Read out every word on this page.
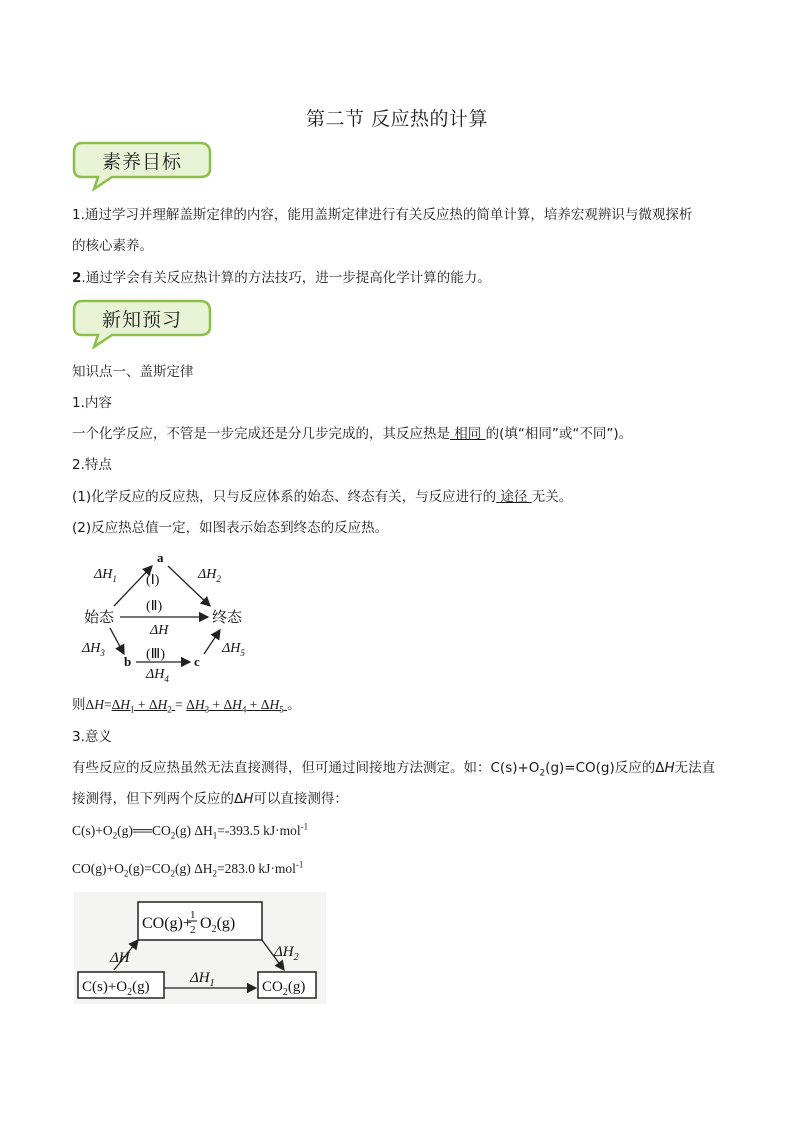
第二节 反应热的计算
素养目标
1.通过学习并理解盖斯定律的内容，能用盖斯定律进行有关反应热的简单计算，培养宏观辨识与微观探析
的核心素养。
2.通过学会有关反应热计算的方法技巧，进一步提高化学计算的能力。
新知预习
知识点一、盖斯定律
1.内容
一个化学反应，不管是一步完成还是分几步完成的，其反应热是 相同 的(填“相同”或“不同”)。
2.特点
(1)化学反应的反应热，只与反应体系的始态、终态有关，与反应进行的 途径 无关。
(2)反应热总值一定，如图表示始态到终态的反应热。
a
(Ⅰ)
$\Delta H_1$	$\Delta H_2$
始态	终态
(Ⅱ)
ΔH
$\Delta H_3$
b (Ⅲ)
$\Delta H_4$
c
$\Delta H_5$
则$\Delta H=\Delta H_1 + \Delta H_2 = \Delta H_3 + \Delta H_4 + \Delta H_5$ 。
3.意义
有些反应的反应热虽然无法直接测得，但可通过间接地方法测定。如：$C(s)+O_2(g)=CO(g)$反应的ΔH无法直
接测得，但下列两个反应的ΔH可以直接测得：
$C(s)+O_2(g)══CO_2(g)$ $\Delta H_1=-393.5$ kJ·mol$^{-1}$
$CO(g)+O_2(g)=CO_2(g)$ $\Delta H_2=283.0$ kJ·mol$^{-1}$
CO(g)+
1
2 $O_2(g)$
$C(s)+O_2(g)$	$CO_2(g)$
ΔH	$\Delta H_2$
$\Delta H_1$
